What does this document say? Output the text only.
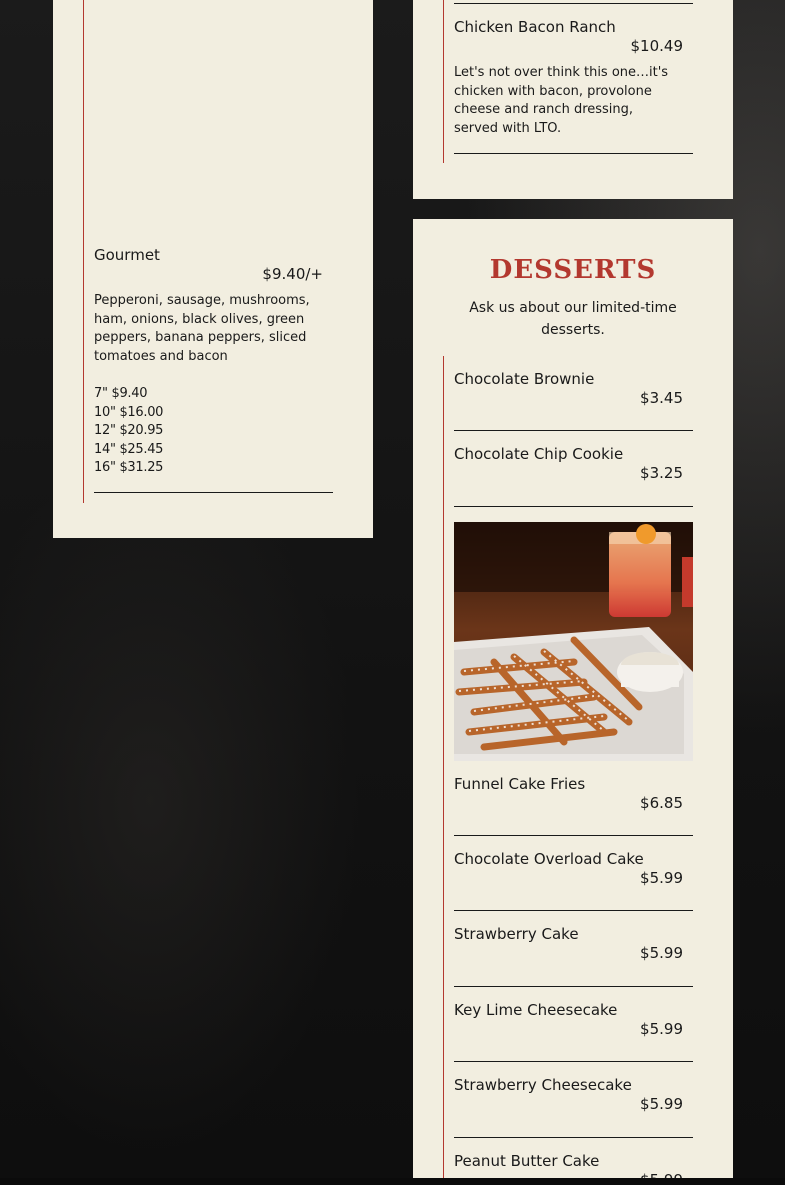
Gourmet
$9.40/+
Pepperoni, sausage, mushrooms, ham, onions, black olives, green peppers, banana peppers, sliced tomatoes and bacon
7" $9.40
10" $16.00
12" $20.95
14" $25.45
16" $31.25
Chicken Bacon Ranch
$10.49
Let's not over think this one…it's chicken with bacon, provolone cheese and ranch dressing, served with LTO.
DESSERTS
Ask us about our limited-time desserts.
Chocolate Brownie
$3.45
Chocolate Chip Cookie
$3.25
Funnel Cake Fries
$6.85
Chocolate Overload Cake
$5.99
Strawberry Cake
$5.99
Key Lime Cheesecake
$5.99
Strawberry Cheesecake
$5.99
Peanut Butter Cake
